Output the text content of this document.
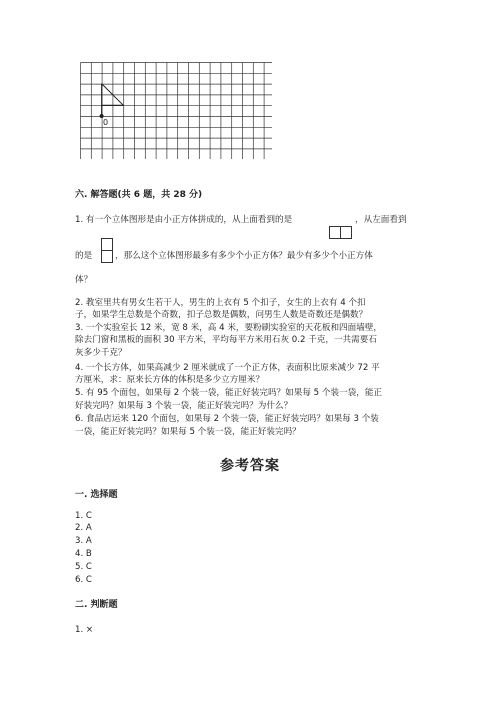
0
六. 解答题(共 6 题，共 28 分)
1. 有一个立体图形是由小正方体拼成的，从上面看到的是	，从左面看到
的是	，那么这个立体图形最多有多少个小正方体？最少有多少个小正方体
体？
2. 教室里共有男女生若干人，男生的上衣有 5 个扣子，女生的上衣有 4 个扣
子，如果学生总数是个奇数，扣子总数是偶数，问男生人数是奇数还是偶数？
3. 一个实验室长 12 米，宽 8 米，高 4 米，要粉刷实验室的天花板和四面墙壁，
除去门窗和黑板的面积 30 平方米，平均每平方米用石灰 0.2 千克，一共需要石
灰多少千克？
4. 一个长方体，如果高减少 2 厘米就成了一个正方体，表面积比原来减少 72 平
方厘米，求：原来长方体的体积是多少立方厘米？
5. 有 95 个面包，如果每 2 个装一袋，能正好装完吗？如果每 5 个装一袋，能正
好装完吗？如果每 3 个装一袋，能正好装完吗？为什么？
6. 食品店运来 120 个面包，如果每 2 个装一袋，能正好装完吗？如果每 3 个装
一袋，能正好装完吗？如果每 5 个装一袋，能正好装完吗？
参考答案
一. 选择题
1. C
2. A
3. A
4. B
5. C
6. C
二. 判断题
1. ×
